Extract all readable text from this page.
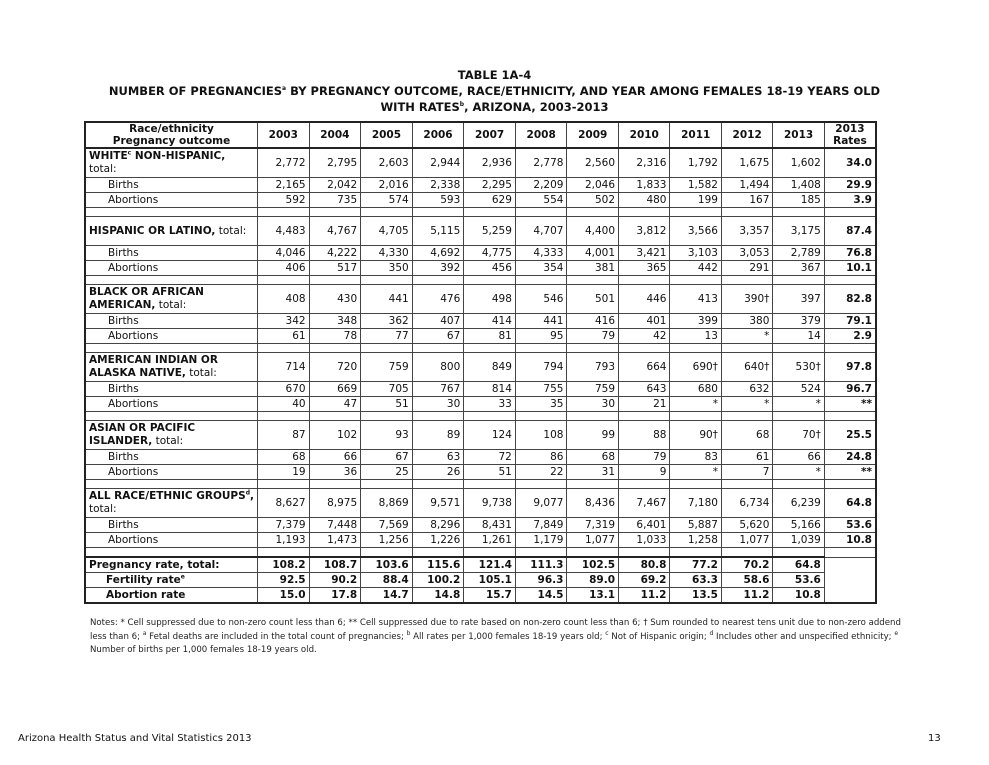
TABLE 1A-4
NUMBER OF PREGNANCIES$^a$ BY PREGNANCY OUTCOME, RACE/ETHNICITY, AND YEAR AMONG FEMALES 18-19 YEARS OLD
WITH RATES$^b$, ARIZONA, 2003-2013
Race/ethnicity
Pregnancy outcome	2003	2004	2005	2006	2007	2008	2009	2010	2011	2012	2013	2013
Rates
WHITE$^c$ NON-HISPANIC,
total:	2,772	2,795	2,603	2,944	2,936	2,778	2,560	2,316	1,792	1,675	1,602	34.0
Births	2,165	2,042	2,016	2,338	2,295	2,209	2,046	1,833	1,582	1,494	1,408	29.9
Abortions	592	735	574	593	629	554	502	480	199	167	185	3.9

HISPANIC OR LATINO, total:	4,483	4,767	4,705	5,115	5,259	4,707	4,400	3,812	3,566	3,357	3,175	87.4
Births	4,046	4,222	4,330	4,692	4,775	4,333	4,001	3,421	3,103	3,053	2,789	76.8
Abortions	406	517	350	392	456	354	381	365	442	291	367	10.1

BLACK OR AFRICAN
AMERICAN, total:	408	430	441	476	498	546	501	446	413	390†	397	82.8
Births	342	348	362	407	414	441	416	401	399	380	379	79.1
Abortions	61	78	77	67	81	95	79	42	13	*	14	2.9

AMERICAN INDIAN OR
ALASKA NATIVE, total:	714	720	759	800	849	794	793	664	690†	640†	530†	97.8
Births	670	669	705	767	814	755	759	643	680	632	524	96.7
Abortions	40	47	51	30	33	35	30	21	*	*	*	**

ASIAN OR PACIFIC
ISLANDER, total:	87	102	93	89	124	108	99	88	90†	68	70†	25.5
Births	68	66	67	63	72	86	68	79	83	61	66	24.8
Abortions	19	36	25	26	51	22	31	9	*	7	*	**

ALL RACE/ETHNIC GROUPS$^d$,
total:	8,627	8,975	8,869	9,571	9,738	9,077	8,436	7,467	7,180	6,734	6,239	64.8
Births	7,379	7,448	7,569	8,296	8,431	7,849	7,319	6,401	5,887	5,620	5,166	53.6
Abortions	1,193	1,473	1,256	1,226	1,261	1,179	1,077	1,033	1,258	1,077	1,039	10.8

Pregnancy rate, total:	108.2	108.7	103.6	115.6	121.4	111.3	102.5	80.8	77.2	70.2	64.8	
Fertility rate$^e$	92.5	90.2	88.4	100.2	105.1	96.3	89.0	69.2	63.3	58.6	53.6	
Abortion rate	15.0	17.8	14.7	14.8	15.7	14.5	13.1	11.2	13.5	11.2	10.8	
Notes: * Cell suppressed due to non-zero count less than 6; ** Cell suppressed due to rate based on non-zero count less than 6; † Sum rounded to nearest tens unit due to non-zero addend less than 6; $^a$ Fetal deaths are included in the total count of pregnancies; $^b$ All rates per 1,000 females 18-19 years old; $^c$ Not of Hispanic origin; $^d$ Includes other and unspecified ethnicity; $^e$ Number of births per 1,000 females 18-19 years old.
Arizona Health Status and Vital Statistics 2013	13
